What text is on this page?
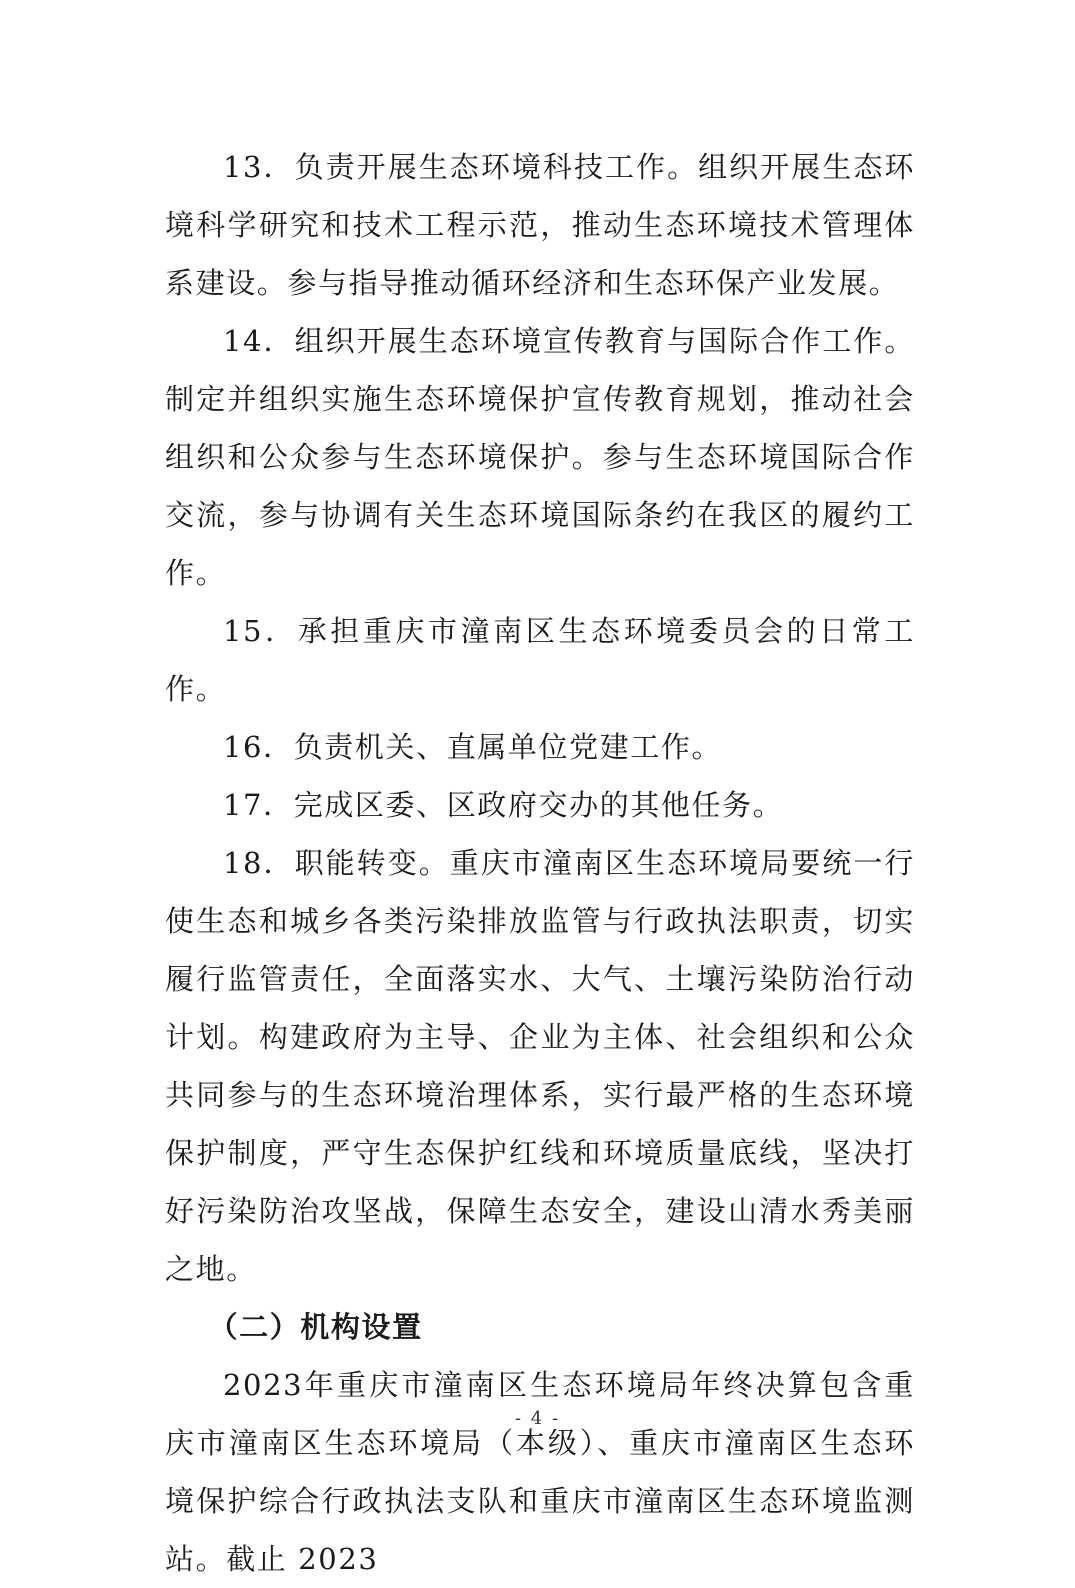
13．负责开展生态环境科技工作。组织开展生态环境科学研究和技术工程示范，推动生态环境技术管理体系建设。参与指导推动循环经济和生态环保产业发展。

14．组织开展生态环境宣传教育与国际合作工作。制定并组织实施生态环境保护宣传教育规划，推动社会组织和公众参与生态环境保护。参与生态环境国际合作交流，参与协调有关生态环境国际条约在我区的履约工作。

15．承担重庆市潼南区生态环境委员会的日常工作。

16．负责机关、直属单位党建工作。

17．完成区委、区政府交办的其他任务。

18．职能转变。重庆市潼南区生态环境局要统一行使生态和城乡各类污染排放监管与行政执法职责，切实履行监管责任，全面落实水、大气、土壤污染防治行动计划。构建政府为主导、企业为主体、社会组织和公众共同参与的生态环境治理体系，实行最严格的生态环境保护制度，严守生态保护红线和环境质量底线，坚决打好污染防治攻坚战，保障生态安全，建设山清水秀美丽之地。

（二）机构设置

2023年重庆市潼南区生态环境局年终决算包含重庆市潼南区生态环境局（本级）、重庆市潼南区生态环境保护综合行政执法支队和重庆市潼南区生态环境监测站。截止 2023

- 4 -
